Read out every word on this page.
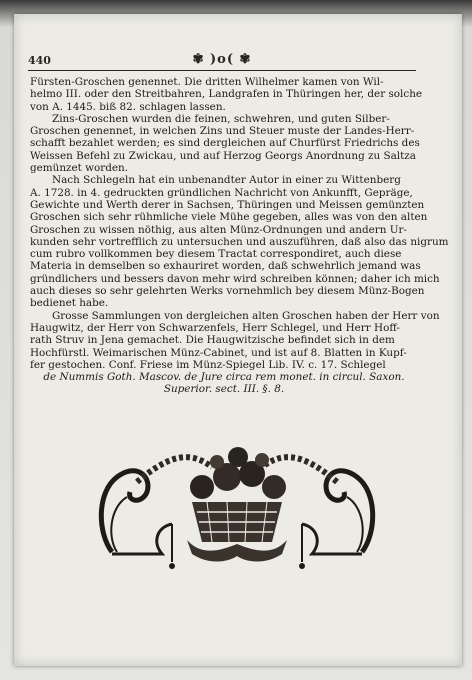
440	✾ )o( ✾
Fürsten-Groschen genennet. Die dritten Wilhelmer kamen von Wil-
helmo III. oder den Streitbahren, Landgrafen in Thüringen her, der solche
von A. 1445. biß 82. schlagen lassen.
Zins-Groschen wurden die feinen, schwehren, und guten Silber-
Groschen genennet, in welchen Zins und Steuer muste der Landes-Herr-
schafft bezahlet werden; es sind dergleichen auf Churfürst Friedrichs des
Weissen Befehl zu Zwickau, und auf Herzog Georgs Anordnung zu Saltza
gemünzet worden.
Nach Schlegeln hat ein unbenandter Autor in einer zu Wittenberg
A. 1728. in 4. gedruckten gründlichen Nachricht von Ankunfft, Gepräge,
Gewichte und Werth derer in Sachsen, Thüringen und Meissen gemünzten
Groschen sich sehr rühmliche viele Mühe gegeben, alles was von den alten
Groschen zu wissen nöthig, aus alten Münz-Ordnungen und andern Ur-
kunden sehr vortrefflich zu untersuchen und auszuführen, daß also das nigrum
cum rubro vollkommen bey diesem Tractat correspondiret, auch diese
Materia in demselben so exhauriret worden, daß schwehrlich jemand was
gründlichers und bessers davon mehr wird schreiben können; daher ich mich
auch dieses so sehr gelehrten Werks vornehmlich bey diesem Münz-Bogen
bedienet habe.
Grosse Sammlungen von dergleichen alten Groschen haben der Herr von
Haugwitz, der Herr von Schwarzenfels, Herr Schlegel, und Herr Hoff-
rath Struv in Jena gemachet. Die Haugwitzische befindet sich in dem
Hochfürstl. Weimarischen Münz-Cabinet, und ist auf 8. Blatten in Kupf-
fer gestochen. Conf. Friese im Münz-Spiegel Lib. IV. c. 17. Schlegel
de Nummis Goth. Mascov. de Jure circa rem monet. in circul. Saxon.
Superior. sect. III. §. 8.
